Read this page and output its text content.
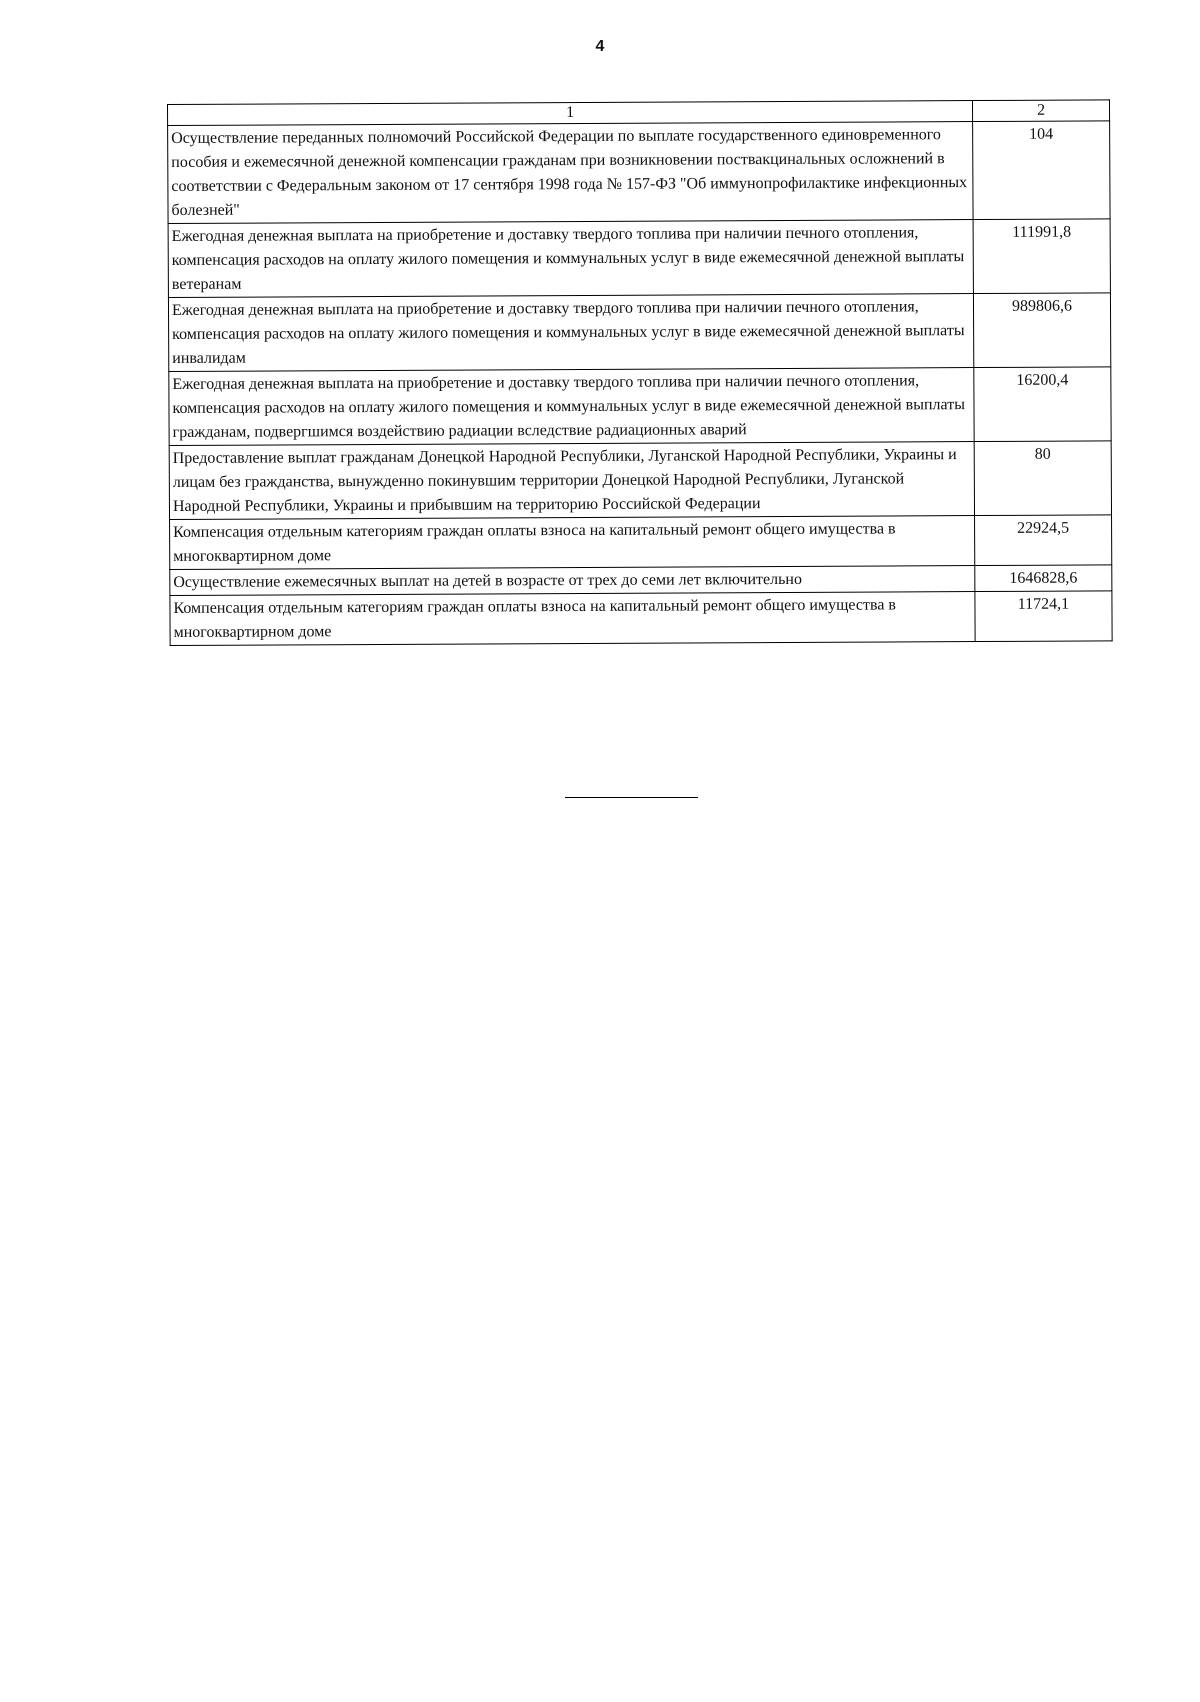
4
1	2
Осуществление переданных полномочий Российской Федерации по выплате государственного единовременного пособия и ежемесячной денежной компенсации гражданам при возникновении поствакцинальных осложнений в соответствии с Федеральным законом от 17 сентября 1998 года № 157-ФЗ "Об иммунопрофилактике инфекционных болезней"	104
Ежегодная денежная выплата на приобретение и доставку твердого топлива при наличии печного отопления, компенсация расходов на оплату жилого помещения и коммунальных услуг в виде ежемесячной денежной выплаты ветеранам	111991,8
Ежегодная денежная выплата на приобретение и доставку твердого топлива при наличии печного отопления, компенсация расходов на оплату жилого помещения и коммунальных услуг в виде ежемесячной денежной выплаты инвалидам	989806,6
Ежегодная денежная выплата на приобретение и доставку твердого топлива при наличии печного отопления, компенсация расходов на оплату жилого помещения и коммунальных услуг в виде ежемесячной денежной выплаты гражданам, подвергшимся воздействию радиации вследствие радиационных аварий	16200,4
Предоставление выплат гражданам Донецкой Народной Республики, Луганской Народной Республики, Украины и лицам без гражданства, вынужденно покинувшим территории Донецкой Народной Республики, Луганской Народной Республики, Украины и прибывшим на территорию Российской Федерации	80
Компенсация отдельным категориям граждан оплаты взноса на капитальный ремонт общего имущества в многоквартирном доме	22924,5
Осуществление ежемесячных выплат на детей в возрасте от трех до семи лет включительно	1646828,6
Компенсация отдельным категориям граждан оплаты взноса на капитальный ремонт общего имущества в многоквартирном доме	11724,1
